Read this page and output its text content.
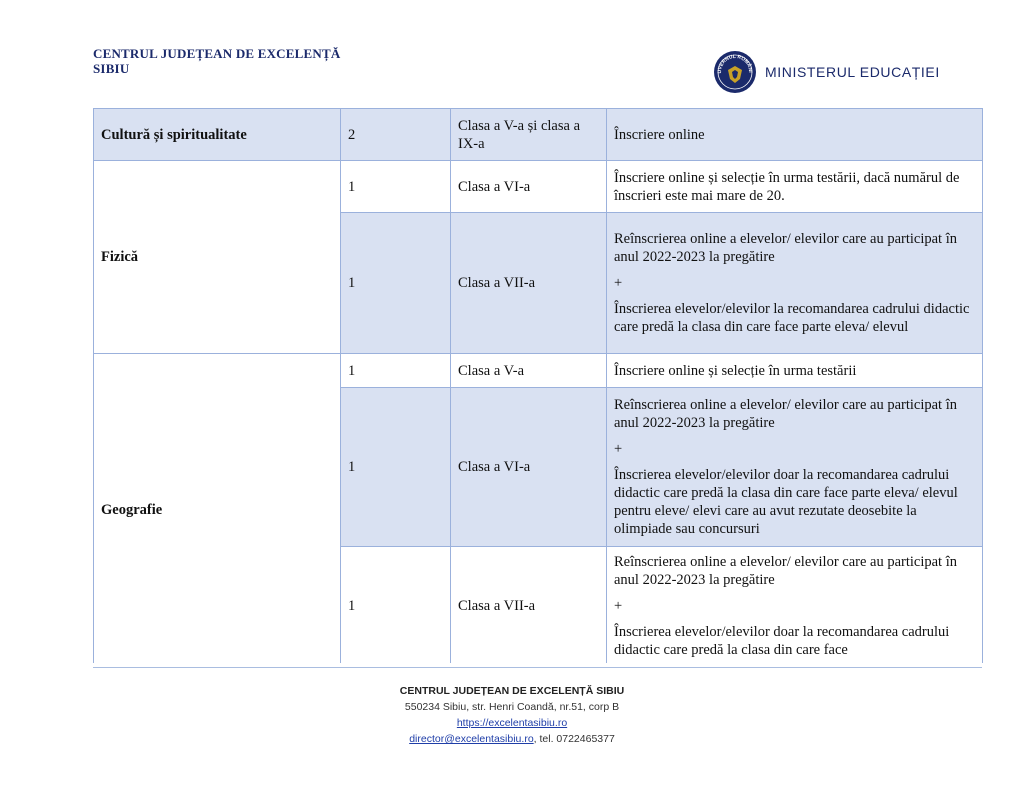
CENTRUL JUDEȚEAN DE EXCELENȚĂ
SIBIU	UVERNUL ROMÂNI MINISTERUL EDUCAȚIEI
Cultură și spiritualitate	2	Clasa a V-a și clasa a IX-a	Înscriere online

Fizică	1	Clasa a VI-a	Înscriere online și selecție în urma testării, dacă numărul de înscrieri este mai mare de 20.

	1	Clasa a VII-a	Reînscrierea online a elevelor/ elevilor care au participat în anul 2022-2023 la pregătire

+

Înscrierea elevelor/elevilor la recomandarea cadrului didactic care predă la clasa din care face parte eleva/ elevul

Geografie	1	Clasa a V-a	Înscriere online și selecție în urma testării

	1	Clasa a VI-a	Reînscrierea online a elevelor/ elevilor care au participat în anul 2022-2023 la pregătire

+

Înscrierea elevelor/elevilor doar la recomandarea cadrului didactic care predă la clasa din care face parte eleva/ elevul pentru eleve/ elevi care au avut rezutate deosebite la olimpiade sau concursuri

	1	Clasa a VII-a	Reînscrierea online a elevelor/ elevilor care au participat în anul 2022-2023 la pregătire

+

Înscrierea elevelor/elevilor doar la recomandarea cadrului didactic care predă la clasa din care face

CENTRUL JUDEȚEAN DE EXCELENȚĂ SIBIU
550234 Sibiu, str. Henri Coandă, nr.51, corp B
https://excelentasibiu.ro
director@excelentasibiu.ro, tel. 0722465377
